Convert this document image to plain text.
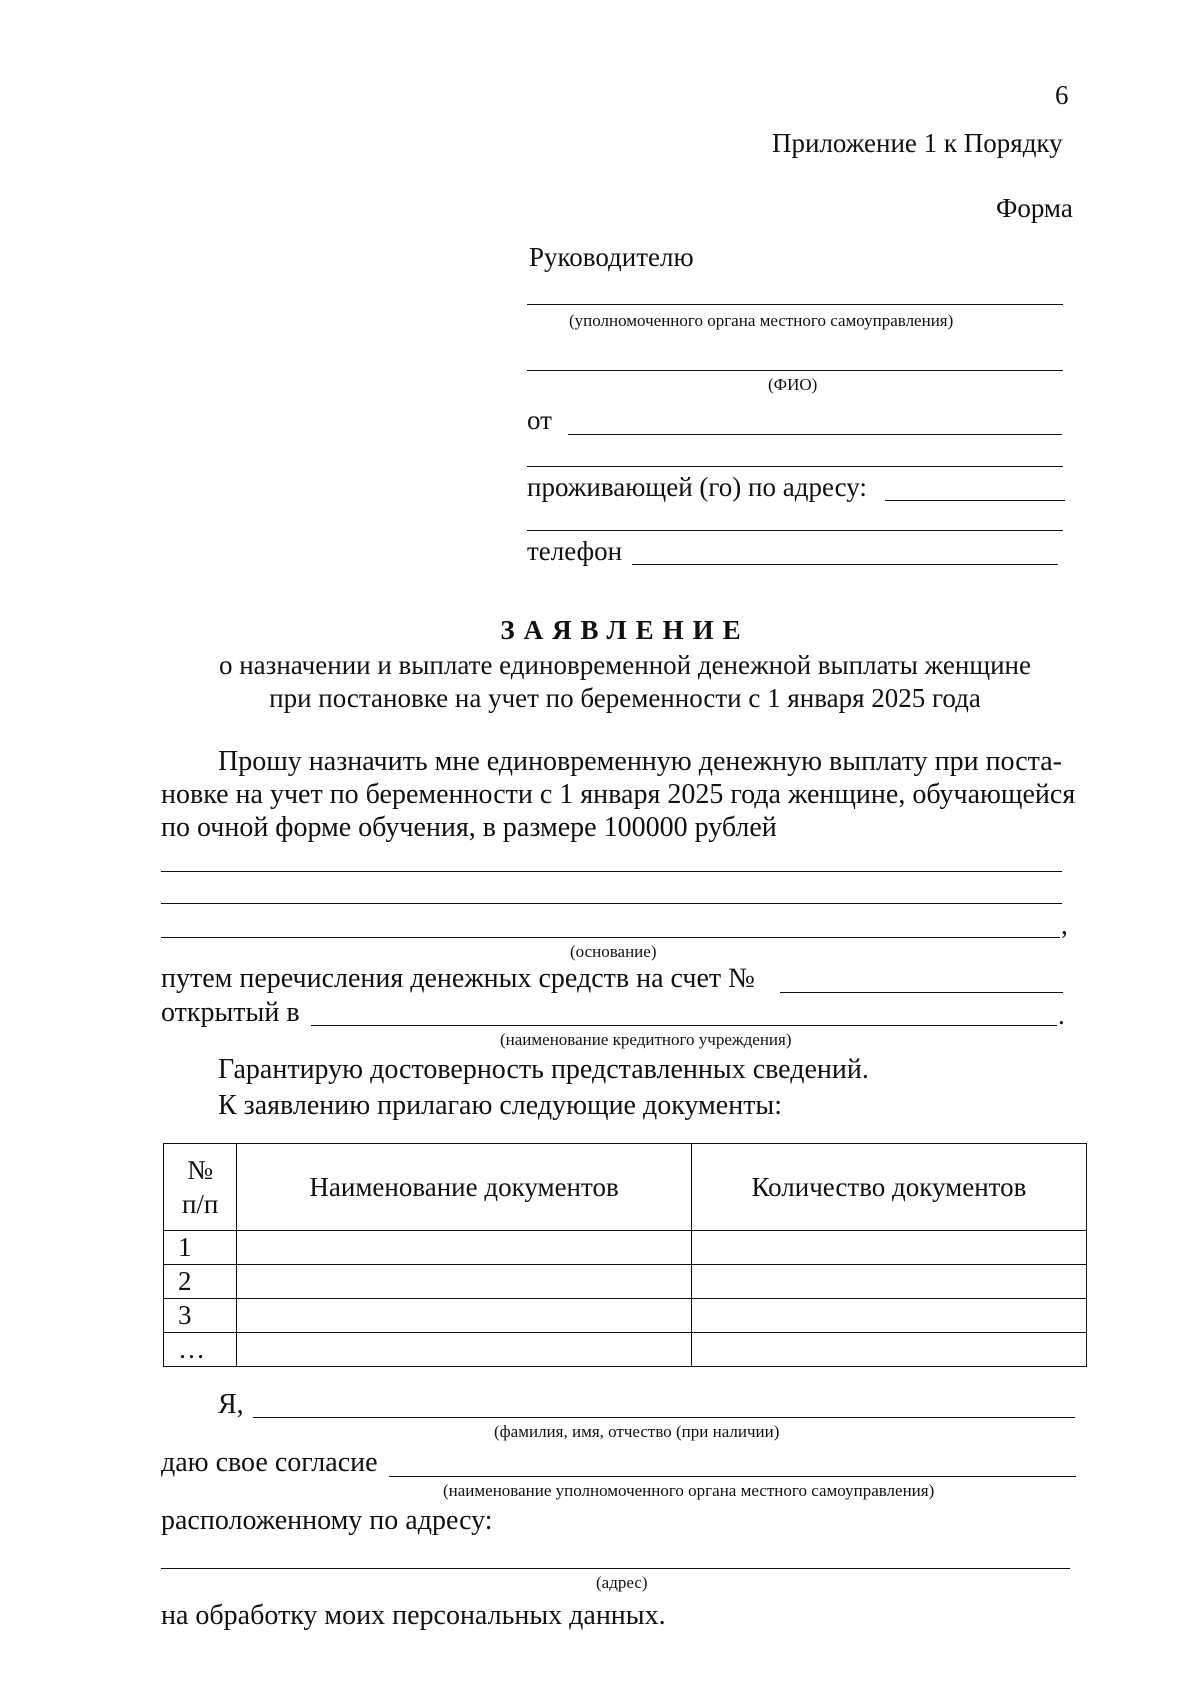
6
Приложение 1 к Порядку
Форма
Руководителю
(уполномоченного органа местного самоуправления)
(ФИО)
от
проживающей (го) по адресу:
телефон
ЗАЯВЛЕНИЕ
о назначении и выплате единовременной денежной выплаты женщине
при постановке на учет по беременности с 1 января 2025 года
Прошу назначить мне единовременную денежную выплату при поста-
новке на учет по беременности с 1 января 2025 года женщине, обучающейся
по очной форме обучения, в размере 100000 рублей
,
(основание)
путем перечисления денежных средств на счет №
открытый в	.
(наименование кредитного учреждения)
Гарантирую достоверность представленных сведений.
К заявлению прилагаю следующие документы:
№
п/п	Наименование документов	Количество документов
1		
2		
3		
…		
Я,
(фамилия, имя, отчество (при наличии)
даю свое согласие
(наименование уполномоченного органа местного самоуправления)
расположенному по адресу:
(адрес)
на обработку моих персональных данных.
